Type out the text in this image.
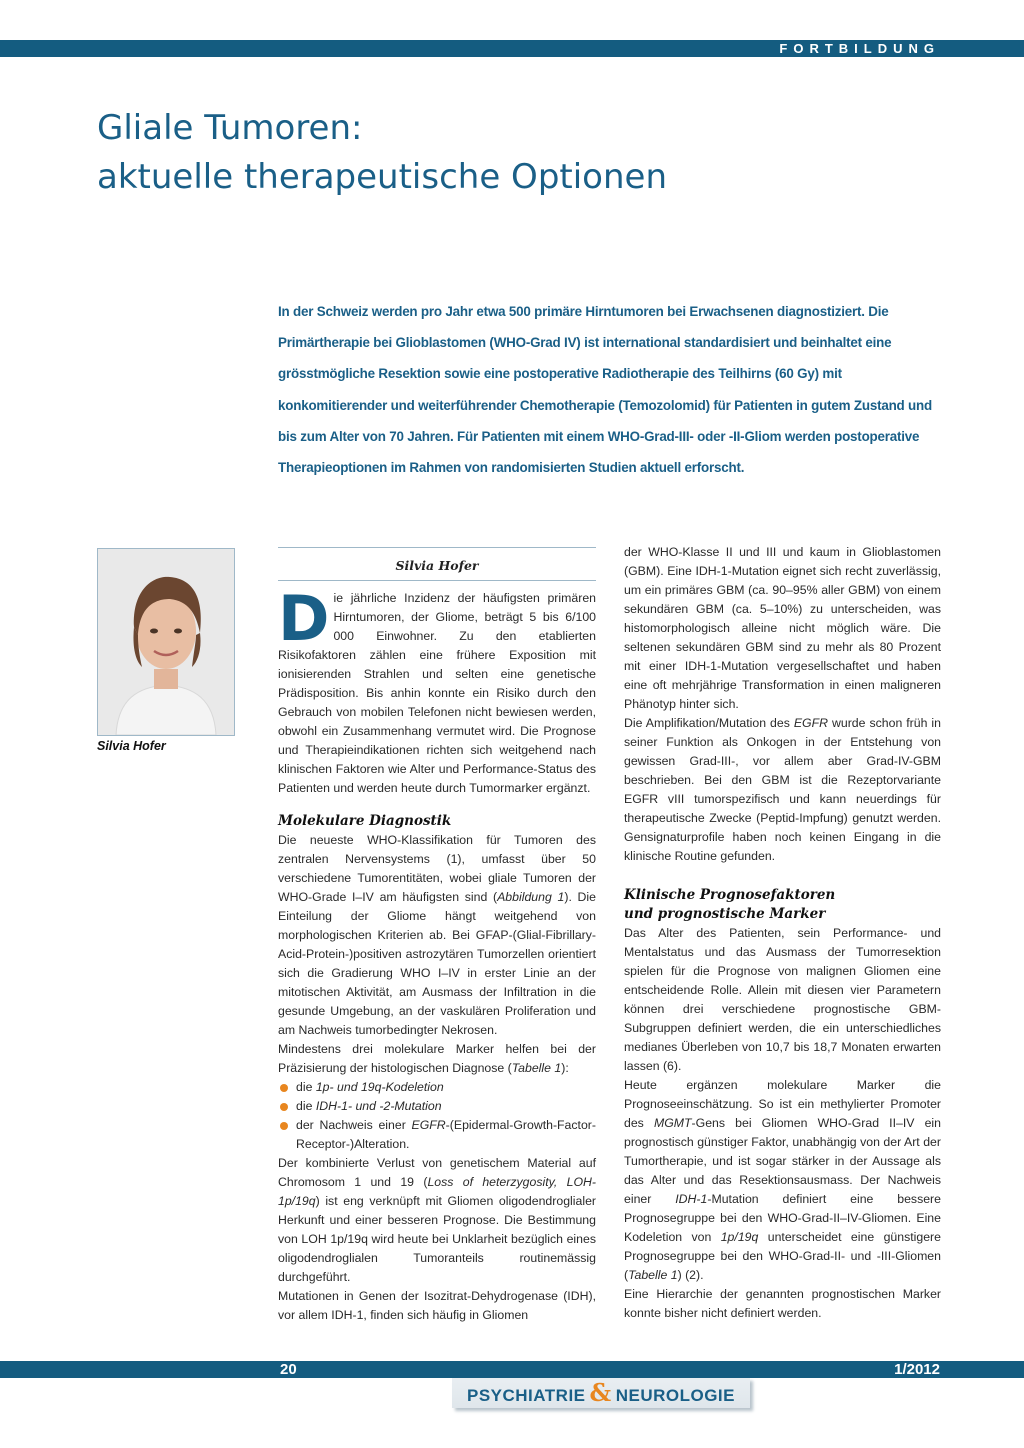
FORTBILDUNG
Gliale Tumoren:
aktuelle therapeutische Optionen

In der Schweiz werden pro Jahr etwa 500 primäre Hirntumoren bei Erwachsenen diagnostiziert. Die Primärtherapie bei Glioblastomen (WHO-Grad IV) ist international standardisiert und beinhaltet eine grösstmögliche Resektion sowie eine postoperative Radiotherapie des Teilhirns (60 Gy) mit konkomitierender und weiterführender Chemotherapie (Temozolomid) für Patienten in gutem Zustand und bis zum Alter von 70 Jahren. Für Patienten mit einem WHO-Grad-III- oder -II-Gliom werden postoperative Therapieoptionen im Rahmen von randomisierten Studien aktuell erforscht.

Silvia Hofer
Silvia Hofer

Die jährliche Inzidenz der häufigsten primären Hirntumoren, der Gliome, beträgt 5 bis 6/100 000 Einwohner. Zu den etablierten Risikofaktoren zählen eine frühere Exposition mit ionisierenden Strahlen und selten eine genetische Prädisposition. Bis anhin konnte ein Risiko durch den Gebrauch von mobilen Telefonen nicht bewiesen werden, obwohl ein Zusammenhang vermutet wird. Die Prognose und Therapieindikationen richten sich weitgehend nach klinischen Faktoren wie Alter und Performance-Status des Patienten und werden heute durch Tumormarker ergänzt.

Molekulare Diagnostik

Die neueste WHO-Klassifikation für Tumoren des zentralen Nervensystems (1), umfasst über 50 verschiedene Tumorentitäten, wobei gliale Tumoren der WHO-Grade I–IV am häufigsten sind (Abbildung 1). Die Einteilung der Gliome hängt weitgehend von morphologischen Kriterien ab. Bei GFAP-(Glial-Fibrillary-Acid-Protein-)positiven astrozytären Tumorzellen orientiert sich die Gradierung WHO I–IV in erster Linie an der mitotischen Aktivität, am Ausmass der Infiltration in die gesunde Umgebung, an der vaskulären Proliferation und am Nachweis tumorbedingter Nekrosen.

Mindestens drei molekulare Marker helfen bei der Präzisierung der histologischen Diagnose (Tabelle 1):

die 1p- und 19q-Kodeletion
die IDH-1- und -2-Mutation
der Nachweis einer EGFR-(Epidermal-Growth-Factor-Receptor-)Alteration.

Der kombinierte Verlust von genetischem Material auf Chromosom 1 und 19 (Loss of heterzygosity, LOH-1p/19q) ist eng verknüpft mit Gliomen oligodendroglialer Herkunft und einer besseren Prognose. Die Bestimmung von LOH 1p/19q wird heute bei Unklarheit bezüglich eines oligodendroglialen Tumoranteils routinemässig durchgeführt.

Mutationen in Genen der Isozitrat-Dehydrogenase (IDH), vor allem IDH-1, finden sich häufig in Gliomen

der WHO-Klasse II und III und kaum in Glioblastomen (GBM). Eine IDH-1-Mutation eignet sich recht zuverlässig, um ein primäres GBM (ca. 90–95% aller GBM) von einem sekundären GBM (ca. 5–10%) zu unterscheiden, was histomorphologisch alleine nicht möglich wäre. Die seltenen sekundären GBM sind zu mehr als 80 Prozent mit einer IDH-1-Mutation vergesellschaftet und haben eine oft mehrjährige Transformation in einen maligneren Phänotyp hinter sich.

Die Amplifikation/Mutation des EGFR wurde schon früh in seiner Funktion als Onkogen in der Entstehung von gewissen Grad-III-, vor allem aber Grad-IV-GBM beschrieben. Bei den GBM ist die Rezeptorvariante EGFR vIII tumorspezifisch und kann neuerdings für therapeutische Zwecke (Peptid-Impfung) genutzt werden. Gensignaturprofile haben noch keinen Eingang in die klinische Routine gefunden.

Klinische Prognosefaktoren
und prognostische Marker

Das Alter des Patienten, sein Performance- und Mentalstatus und das Ausmass der Tumorresektion spielen für die Prognose von malignen Gliomen eine entscheidende Rolle. Allein mit diesen vier Parametern können drei verschiedene prognostische GBM-Subgruppen definiert werden, die ein unterschiedliches medianes Überleben von 10,7 bis 18,7 Monaten erwarten lassen (6).

Heute ergänzen molekulare Marker die Prognoseeinschätzung. So ist ein methylierter Promoter des MGMT-Gens bei Gliomen WHO-Grad II–IV ein prognostisch günstiger Faktor, unabhängig von der Art der Tumortherapie, und ist sogar stärker in der Aussage als das Alter und das Resektionsausmass. Der Nachweis einer IDH-1-Mutation definiert eine bessere Prognosegruppe bei den WHO-Grad-II–IV-Gliomen. Eine Kodeletion von 1p/19q unterscheidet eine günstigere Prognosegruppe bei den WHO-Grad-II- und -III-Gliomen (Tabelle 1) (2).

Eine Hierarchie der genannten prognostischen Marker konnte bisher nicht definiert werden.

20	1/2012
PSYCHIATRIE & NEUROLOGIE
